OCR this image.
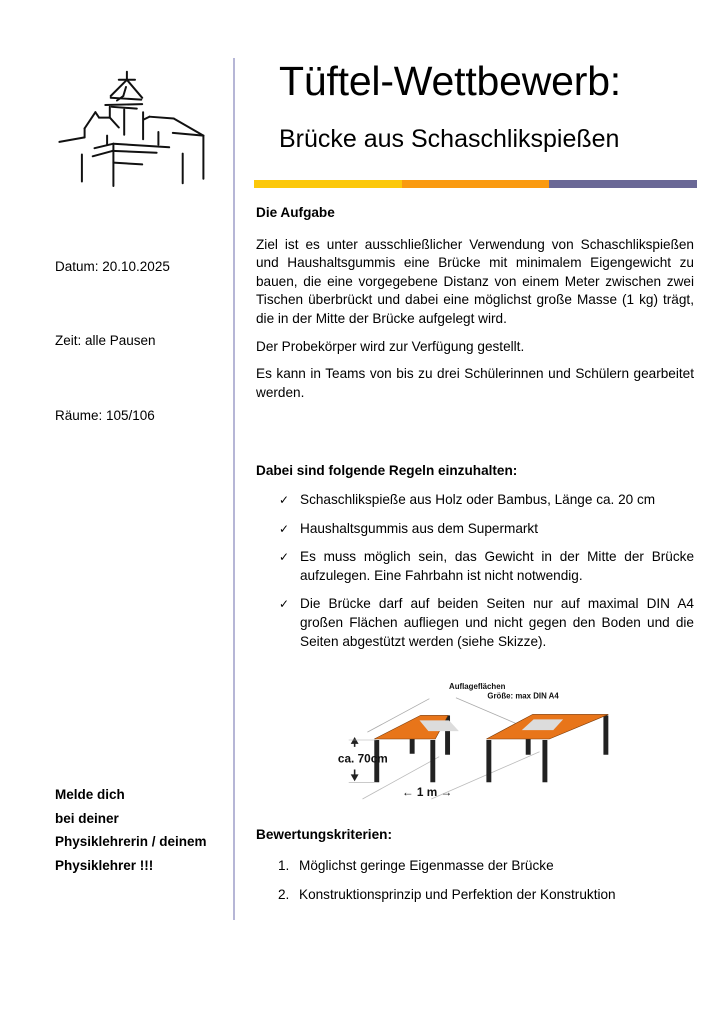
Datum: 20.10.2025
Zeit: alle Pausen
Räume: 105/106
Melde dich
bei deiner
Physiklehrerin / deinem
Physiklehrer !!!
Tüftel-Wettbewerb:
Brücke aus Schaschlikspießen
Die Aufgabe
Ziel ist es unter ausschließlicher Verwendung von Schaschlikspießen und Haushaltsgummis eine Brücke mit minimalem Eigengewicht zu bauen, die eine vorgegebene Distanz von einem Meter zwischen zwei Tischen überbrückt und dabei eine möglichst große Masse (1 kg) trägt, die in der Mitte der Brücke aufgelegt wird.
Der Probekörper wird zur Verfügung gestellt.
Es kann in Teams von bis zu drei Schülerinnen und Schülern gearbeitet werden.
Dabei sind folgende Regeln einzuhalten:
✓ Schaschlikspieße aus Holz oder Bambus, Länge ca. 20 cm
✓ Haushaltsgummis aus dem Supermarkt
✓ Es muss möglich sein, das Gewicht in der Mitte der Brücke aufzulegen. Eine Fahrbahn ist nicht notwendig.
✓ Die Brücke darf auf beiden Seiten nur auf maximal DIN A4 großen Flächen aufliegen und nicht gegen den Boden und die Seiten abgestützt werden (siehe Skizze).
ca. 70cm
← 1 m →
Auflageflächen
Größe: max DIN A4
Bewertungskriterien:
1. Möglichst geringe Eigenmasse der Brücke
2. Konstruktionsprinzip und Perfektion der Konstruktion
